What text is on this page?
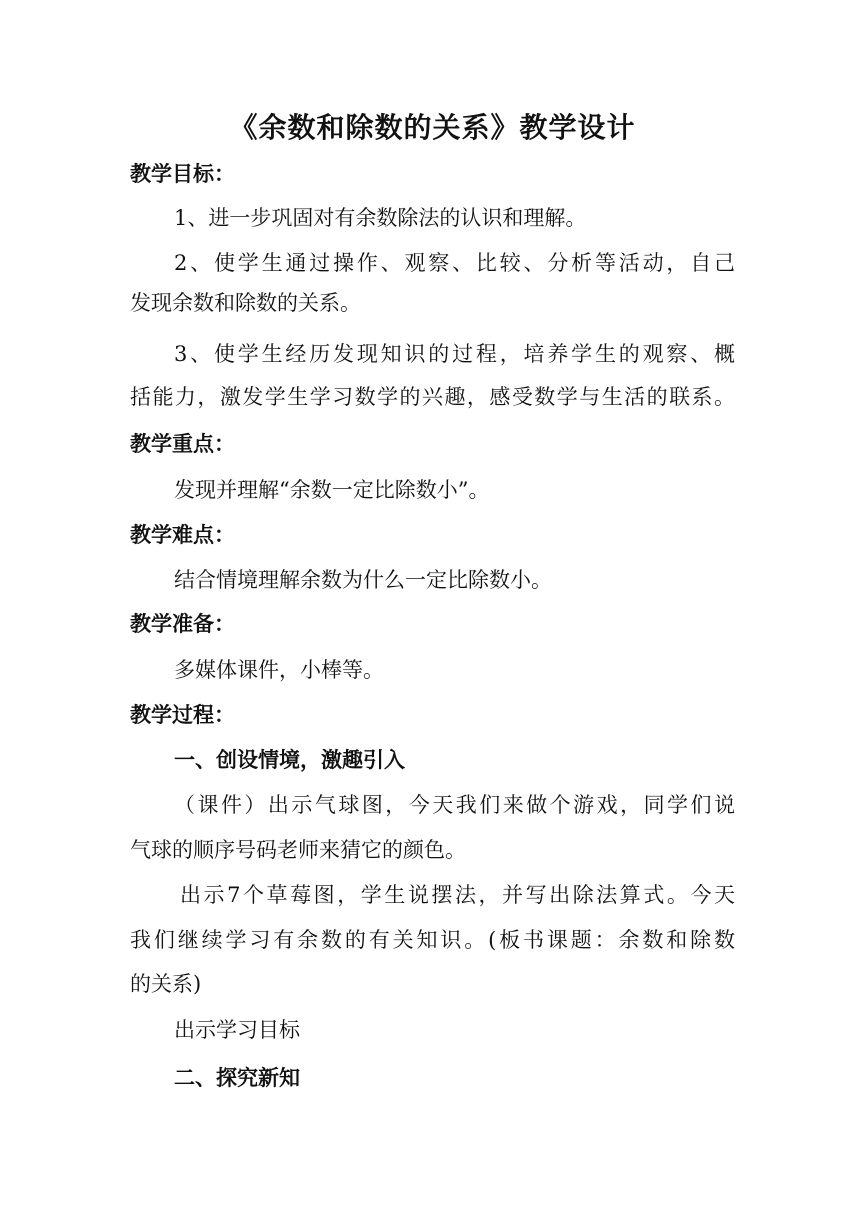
《余数和除数的关系》教学设计
教学目标：
1、进一步巩固对有余数除法的认识和理解。
2、使学生通过操作、观察、比较、分析等活动，自己
发现余数和除数的关系。
3、使学生经历发现知识的过程，培养学生的观察、概
括能力，激发学生学习数学的兴趣，感受数学与生活的联系。
教学重点：
发现并理解“余数一定比除数小”。
教学难点：
结合情境理解余数为什么一定比除数小。
教学准备：
多媒体课件，小棒等。
教学过程：
一、创设情境，激趣引入
（课件）出示气球图，今天我们来做个游戏，同学们说
气球的顺序号码老师来猜它的颜色。
出示7个草莓图，学生说摆法，并写出除法算式。今天
我们继续学习有余数的有关知识。(板书课题：余数和除数
的关系)
出示学习目标
二、探究新知
